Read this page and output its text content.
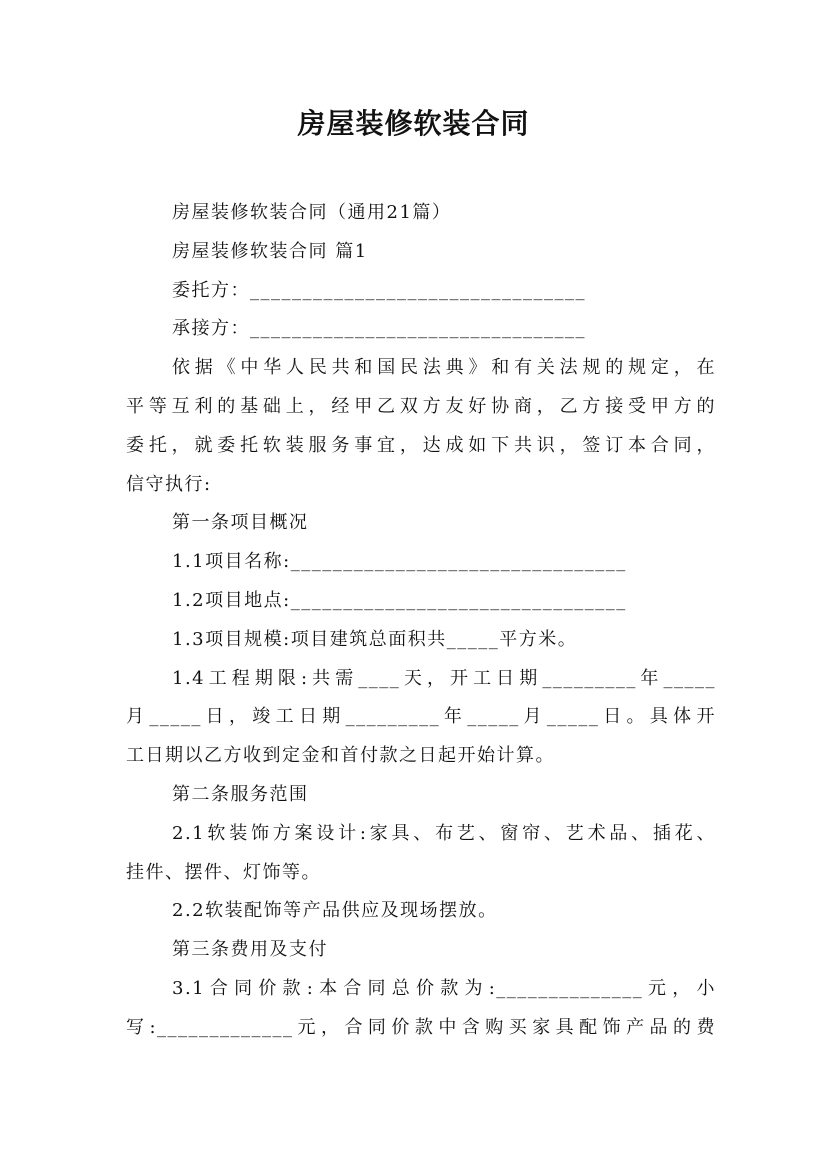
房屋装修软装合同
房屋装修软装合同（通用21篇）
房屋装修软装合同 篇1
委托方：________________________________
承接方：________________________________
依据《中华人民共和国民法典》和有关法规的规定，在
平等互利的基础上，经甲乙双方友好协商，乙方接受甲方的
委托，就委托软装服务事宜，达成如下共识，签订本合同，
信守执行:
第一条项目概况
1.1项目名称:________________________________
1.2项目地点:________________________________
1.3项目规模:项目建筑总面积共_____平方米。
1.4工程期限:共需____天，开工日期_________年_____
月_____日，竣工日期_________年_____月_____日。具体开
工日期以乙方收到定金和首付款之日起开始计算。
第二条服务范围
2.1软装饰方案设计:家具、布艺、窗帘、艺术品、插花、
挂件、摆件、灯饰等。
2.2软装配饰等产品供应及现场摆放。
第三条费用及支付
3.1合同价款:本合同总价款为:______________元，小
写:_____________元，合同价款中含购买家具配饰产品的费
